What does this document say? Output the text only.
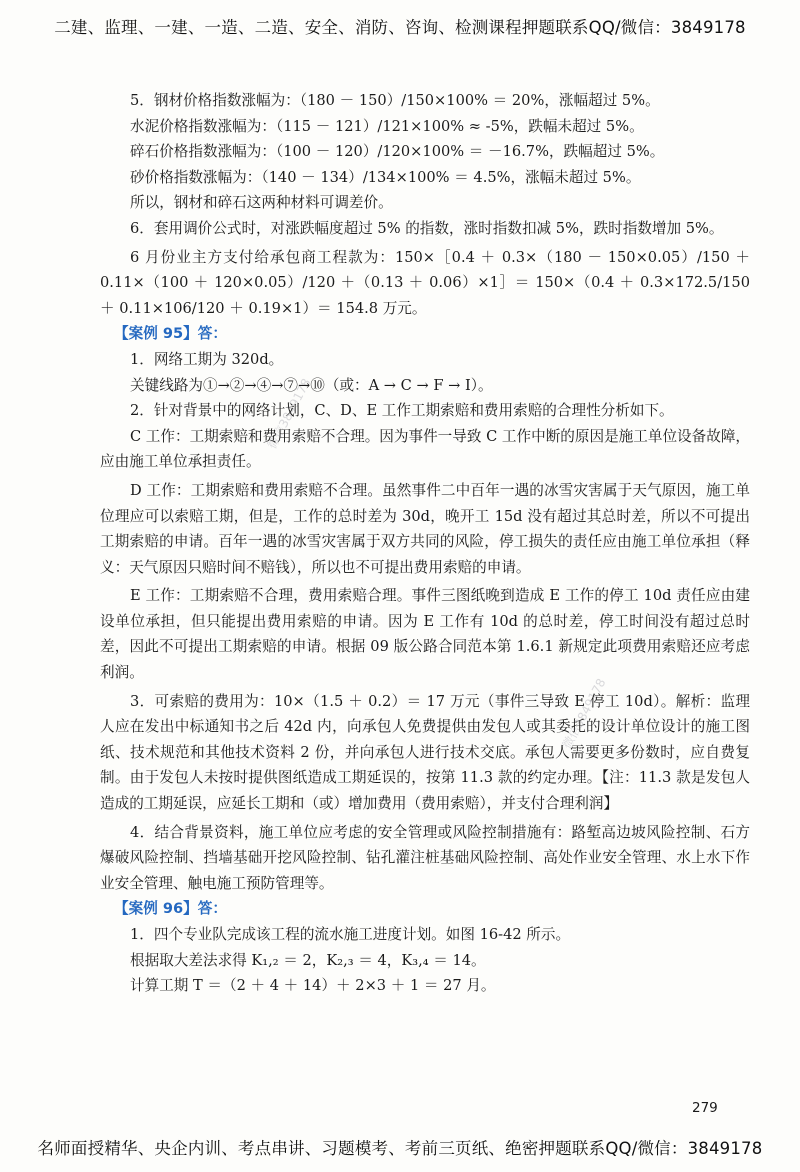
二建、监理、一建、一造、二造、安全、消防、咨询、检测课程押题联系QQ/微信：3849178
微信3849178
微信3849178

5．钢材价格指数涨幅为：（180 － 150）/150×100% ＝ 20%，涨幅超过 5%。

水泥价格指数涨幅为：（115 － 121）/121×100% ≈ -5%，跌幅未超过 5%。

碎石价格指数涨幅为：（100 － 120）/120×100% ＝ －16.7%，跌幅超过 5%。

砂价格指数涨幅为：（140 － 134）/134×100% ＝ 4.5%，涨幅未超过 5%。

所以，钢材和碎石这两种材料可调差价。

6．套用调价公式时，对涨跌幅度超过 5% 的指数，涨时指数扣减 5%，跌时指数增加 5%。

6 月份业主方支付给承包商工程款为：150×［0.4 ＋ 0.3×（180 － 150×0.05）/150 ＋ 0.11×（100 ＋ 120×0.05）/120 ＋（0.13 ＋ 0.06）×1］＝ 150×（0.4 ＋ 0.3×172.5/150 ＋ 0.11×106/120 ＋ 0.19×1）＝ 154.8 万元。

【案例 95】答：

1．网络工期为 320d。

关键线路为①→②→④→⑦→⑩（或：A → C → F → I）。

2．针对背景中的网络计划，C、D、E 工作工期索赔和费用索赔的合理性分析如下。

C 工作：工期索赔和费用索赔不合理。因为事件一导致 C 工作中断的原因是施工单位设备故障，应由施工单位承担责任。

D 工作：工期索赔和费用索赔不合理。虽然事件二中百年一遇的冰雪灾害属于天气原因，施工单位理应可以索赔工期，但是，工作的总时差为 30d，晚开工 15d 没有超过其总时差，所以不可提出工期索赔的申请。百年一遇的冰雪灾害属于双方共同的风险，停工损失的责任应由施工单位承担（释义：天气原因只赔时间不赔钱），所以也不可提出费用索赔的申请。

E 工作：工期索赔不合理，费用索赔合理。事件三图纸晚到造成 E 工作的停工 10d 责任应由建设单位承担，但只能提出费用索赔的申请。因为 E 工作有 10d 的总时差，停工时间没有超过总时差，因此不可提出工期索赔的申请。根据 09 版公路合同范本第 1.6.1 新规定此项费用索赔还应考虑利润。

3．可索赔的费用为：10×（1.5 ＋ 0.2）＝ 17 万元（事件三导致 E 停工 10d）。解析：监理人应在发出中标通知书之后 42d 内，向承包人免费提供由发包人或其委托的设计单位设计的施工图纸、技术规范和其他技术资料 2 份，并向承包人进行技术交底。承包人需要更多份数时，应自费复制。由于发包人未按时提供图纸造成工期延误的，按第 11.3 款的约定办理。【注：11.3 款是发包人造成的工期延误，应延长工期和（或）增加费用（费用索赔），并支付合理利润】

4．结合背景资料，施工单位应考虑的安全管理或风险控制措施有：路堑高边坡风险控制、石方爆破风险控制、挡墙基础开挖风险控制、钻孔灌注桩基础风险控制、高处作业安全管理、水上水下作业安全管理、触电施工预防管理等。

【案例 96】答：

1．四个专业队完成该工程的流水施工进度计划。如图 16-42 所示。

根据取大差法求得 K₁,₂ ＝ 2，K₂,₃ ＝ 4，K₃,₄ ＝ 14。

计算工期 T ＝（2 ＋ 4 ＋ 14）＋ 2×3 ＋ 1 ＝ 27 月。

279
名师面授精华、央企内训、考点串讲、习题模考、考前三页纸、绝密押题联系QQ/微信：3849178
